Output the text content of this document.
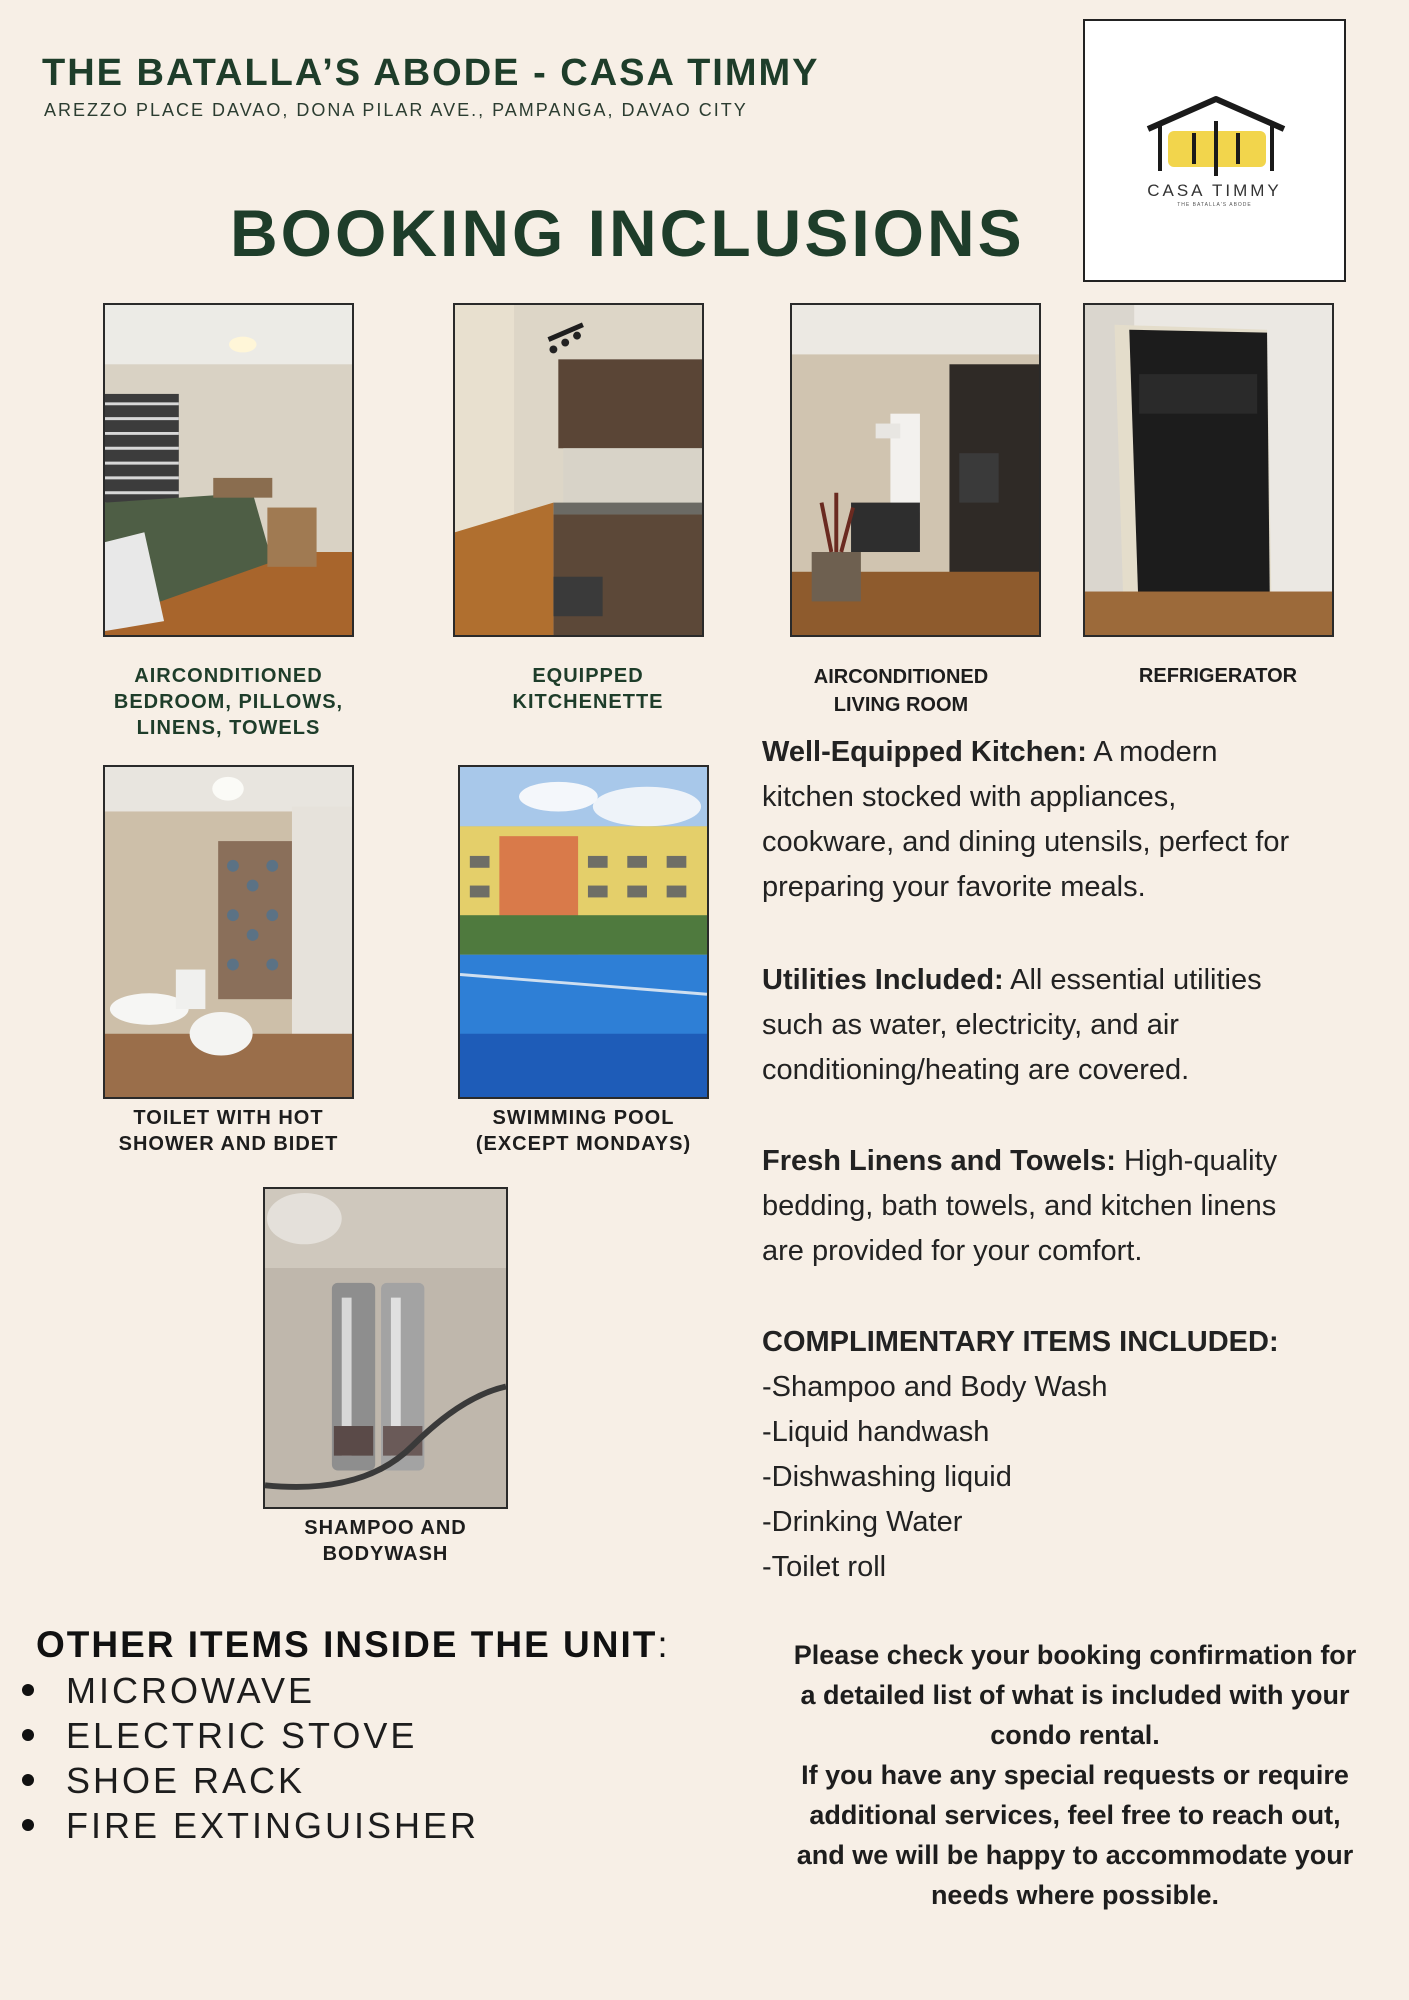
THE BATALLA’S ABODE - CASA TIMMY
AREZZO PLACE DAVAO, DONA PILAR AVE., PAMPANGA, DAVAO CITY
BOOKING INCLUSIONS
CASA TIMMY
THE BATALLA'S ABODE
AIRCONDITIONED
BEDROOM, PILLOWS,
LINENS, TOWELS
EQUIPPED
KITCHENETTE
AIRCONDITIONED
LIVING ROOM
REFRIGERATOR
TOILET WITH HOT
SHOWER AND BIDET
SWIMMING POOL
(EXCEPT MONDAYS)
SHAMPOO AND
BODYWASH
Well-Equipped Kitchen: A modern
kitchen stocked with appliances,
cookware, and dining utensils, perfect for
preparing your favorite meals.
Utilities Included: All essential utilities
such as water, electricity, and air
conditioning/heating are covered.
Fresh Linens and Towels: High-quality
bedding, bath towels, and kitchen linens
are provided for your comfort.
COMPLIMENTARY ITEMS INCLUDED:
-Shampoo and Body Wash
-Liquid handwash
-Dishwashing liquid
-Drinking Water
-Toilet roll
OTHER ITEMS INSIDE THE UNIT:
MICROWAVE
ELECTRIC STOVE
SHOE RACK
FIRE EXTINGUISHER
Please check your booking confirmation for
a detailed list of what is included with your
condo rental.
If you have any special requests or require
additional services, feel free to reach out,
and we will be happy to accommodate your
needs where possible.
